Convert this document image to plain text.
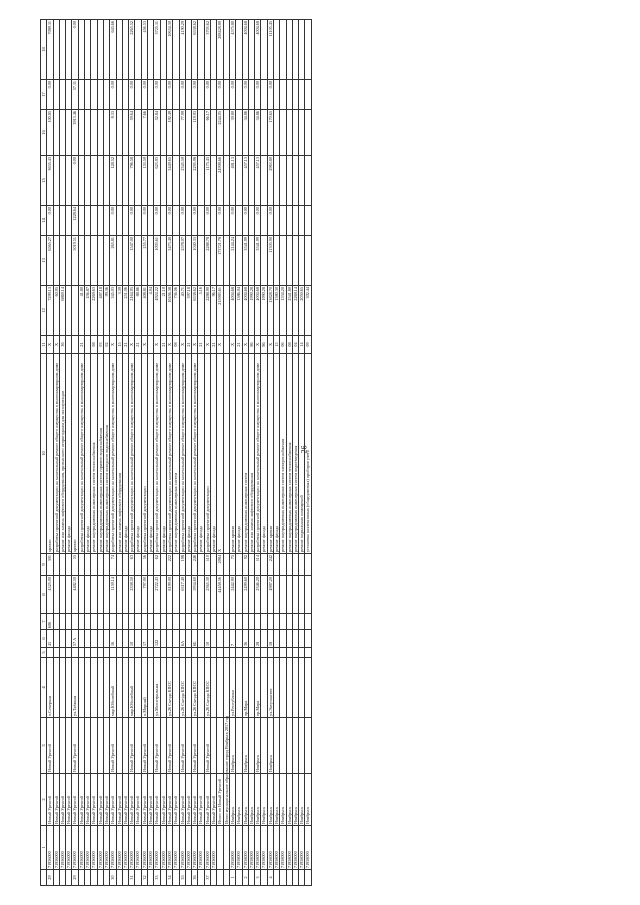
26
	1	2	3	4	5	6	7	8	9	10	11	12	13	14	15	16	17	18	
29	71956000	Новый Уренгой	Новый Уренгой	п.Северная		45	606	4525.00	301	кровли	X	7299.13	6565.27	0.00	3635.43	100.85	0.00	7089.11	
	71956000	Новый Уренгой								разработка проектной документации на капитальный ремонт общего имущества в многоквартирном доме	X	60.95							
	71956000	Новый Уренгой								ремонт или замена лифтового оборудования, признанного непригодным для эксплуатации	36	6869.14							
	71956000	Новый Уренгой								ремонт фасада									
29	71956000	Новый Уренгой	Новый Уренгой	ул.Таёжная		57 А		4482.50	55	кровли			5019.51	1228.64	0.00	3913.46	57.11	0.00	
	71956000	Новый Уренгой								разработка проектной документации на капитальный ремонт общего имущества в многоквартирном доме	21	41.80							
	71956000	Новый Уренгой								ремонт фасада		436.87							
	71956000	Новый Уренгой								ремонт внутридомовых инженерных систем теплоснабжения	08	2269.63							
	71956000	Новый Уренгой								ремонт внутридомовых инженерных систем горячего водоснабжения	03	487.18							
	71956000	Новый Уренгой								ремонт внутридомовых инженерных систем холодного водоснабжения	02	99.36							
30	71956000	Новый Уренгой	Новый Уренгой	мкр.Юбилейный		16		1159.14	74	разработка проектной документации на капитальный ремонт общего имущества в многоквартирном доме	X	345.03	265.81	0.00	128.52	8.33	0.00	645.66	
	71956000	Новый Уренгой								ремонт или замена лифтового оборудования	15	3.39							
	71956000	Новый Уренгой								ремонт фасада	21	251.06							
31	71956000	Новый Уренгой	Новый Уренгой	мкр.Юбилейный		10		2338.50	63	разработка проектной документации на капитальный ремонт общего имущества в многоквартирном доме	X	2164.95	1547.00	0.00	796.58	59.64	0.00	2265.52	
	71956000	Новый Уренгой								ремонт фасада	21	88.86							
32	71956000	Новый Уренгой	Новый Уренгой	п.Мирный		17		797.90	56	разработка проектной документации	X	408.81	255.77	0.00	153.50	7.66	0.00	456.53	
	71956000	Новый Уренгой								ремонт фасада		4.04							
33	71956000	Новый Уренгой	Новый Уренгой	ул.Магистральная		122		2722.43	62	разработка проектной документации на капитальный ремонт общего имущества в многоквартирном доме	X	4924.22	1003.61	0.00	623.93	52.84	0.00	3725.11	
	71956000	Новый Уренгой								ремонт фасада	21	21.10							
34	71956000	Новый Уренгой	Новый Уренгой	ул.26 Съезда КПСС				8199.00	222	разработка проектной документации на капитальный ремонт общего имущества в многоквартирном доме	X	10456.38	3473.40	0.00	3449.65	192.49	0.00	10654.30	
	71956000	Новый Уренгой								ремонт внутридомовых инженерных систем	08	736.06							
35	71956000	Новый Уренгой	Новый Уренгой	ул.26 Съезда КПСС		6А		6317.40	198	разработка проектной документации на капитальный ремонт общего имущества в многоквартирном доме	X	40.71	2578.07	0.00	2345.59	77.99	0.00	4190.29	
	71956000	Новый Уренгой								ремонт фасада	21	397.18							
36	71956000	Новый Уренгой	Новый Уренгой	ул.26 Съезда КПСС		6Б		5934.60	246	разработка проектной документации на капитальный ремонт общего имущества в многоквартирном доме	X	6538.62	1040.33	0.00	2295.98	119.93	0.00	6538.62	
	71956000	Новый Уренгой								ремонт фасада	21	5.16							
37	71956000	Новый Уренгой	Новый Уренгой	ул.26 Съезда КПСС		10		2365.30	110	разработка проектной документации	X	2288.90	2288.78	0.00	1175.43	66.17	0.00	3705.62	
	71956000	Новый Уренгой								ремонт фасада	21	96.17							
		Итого по Новый Уренгой						44458.56	2084	X	X	215983.61	173721.78	0.00	24908.66	2244.05	0.00	208428.89	
		Итого муниципальное образование город Ноябрьск 2017 год																	
1	71958000	Ноябрьск	Ноябрьск	ул.Республики		7		2442.90	75	ремонт кровли	X	4004.68	2144.24	0.00	481.13	39.80	0.00	4575.80	
	71958000	Ноябрьск								ремонт фасада	21	1386.04							
2	71958000	Ноябрьск	Ноябрьск	пр.Мира		36		2499.60	92	ремонт внутридомовых инженерных систем	X	4004.68	3541.99	0.00	457.13	34.86	0.00	4004.68	
	71958000	Ноябрьск								ремонт или замена лифтового оборудования	86	1990.28							
3	71958000	Ноябрьск	Ноябрьск	пр.Мира		28		2346.20	114	разработка проектной документации на капитальный ремонт общего имущества в многоквартирном доме	X	4004.68	3541.99	0.00	457.13	34.86	0.00	4004.68	
	71958000	Ноябрьск								ремонт фасада	86	1990.28							
4	71958000	Ноябрьск	Ноябрьск	ул.Энтузиастов		18		4987.20	242	ремонт кровли	X	13828.70	11305.90	0.00	2963.80	170.65	0.00	11105.45	
	71958000	Ноябрьск								ремонт фасада	15	1380.30							
	71958000	Ноябрьск								ремонт внутридомовых инженерных систем электроснабжения	06	1534.20							
	71958000	Ноябрьск								ремонт внутридомовых инженерных систем теплоснабжения	08	2541.80							
	71958000	Ноябрьск								ремонт внутридомовых инженерных систем водоотведения	04	2268.14							
	71958000	Ноябрьск								ремонт подвальных помещений	14	2050.65							
	71958000	Ноябрьск								установка коллективных (общедомовых) приборов учета	09	302.44							
